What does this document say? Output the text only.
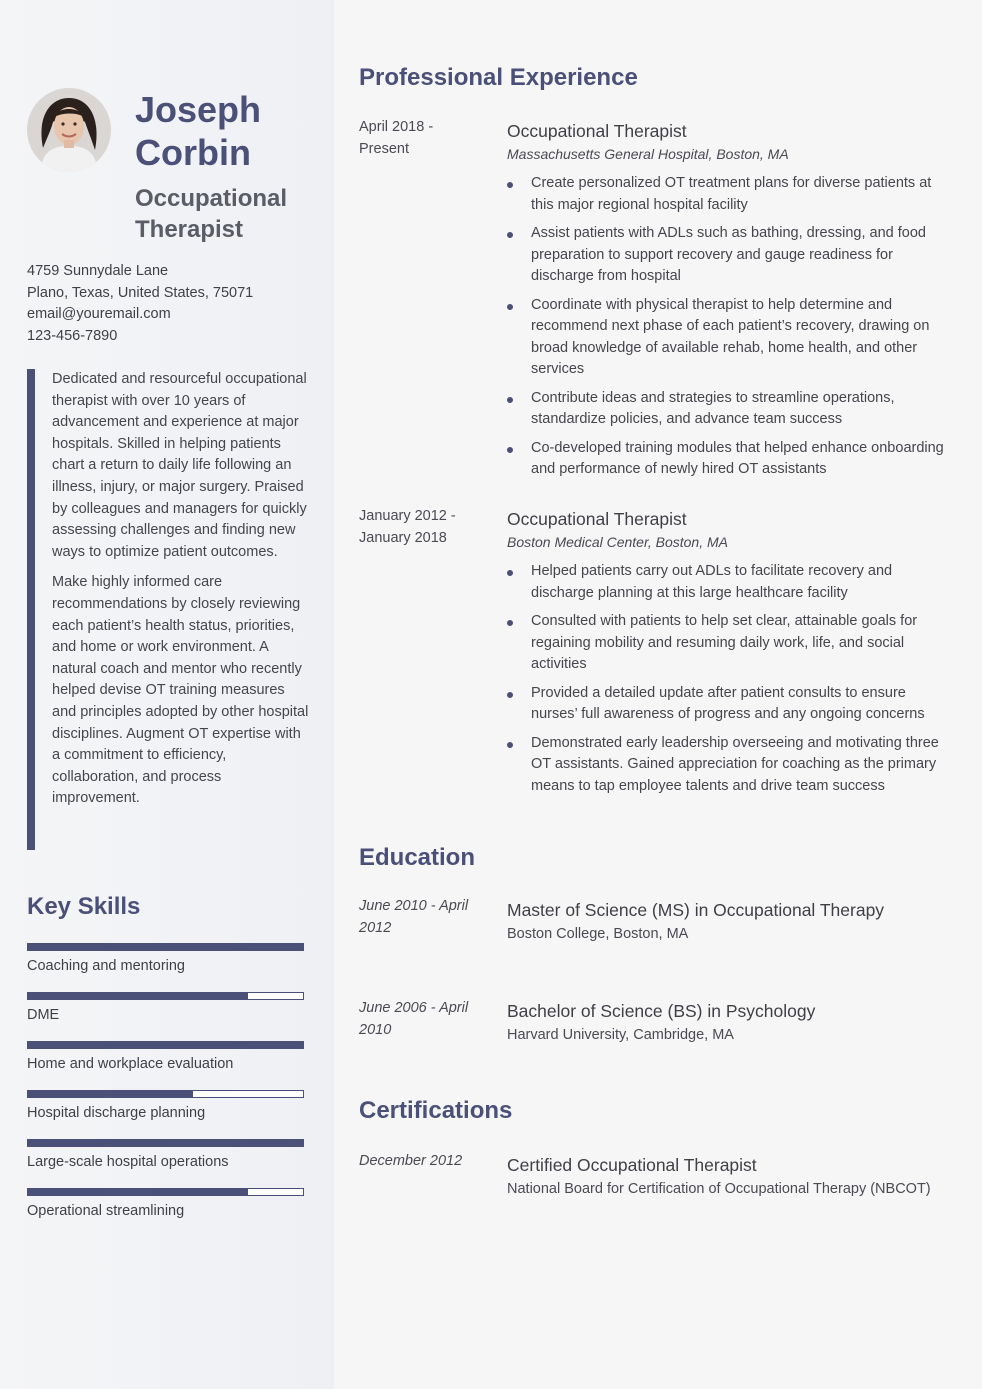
Joseph
Corbin
Occupational
Therapist
4759 Sunnydale Lane
Plano, Texas, United States, 75071
email@youremail.com
123-456-7890

Dedicated and resourceful occupational therapist with over 10 years of advancement and experience at major hospitals. Skilled in helping patients chart a return to daily life following an illness, injury, or major surgery. Praised by colleagues and managers for quickly assessing challenges and finding new ways to optimize patient outcomes.

Make highly informed care recommendations by closely reviewing each patient’s health status, priorities, and home or work environment. A natural coach and mentor who recently helped devise OT training measures and principles adopted by other hospital disciplines. Augment OT expertise with a commitment to efficiency, collaboration, and process improvement.

Key Skills
Coaching and mentoring
DME
Home and workplace evaluation
Hospital discharge planning
Large-scale hospital operations
Operational streamlining
Professional Experience
April 2018 -
Present
Occupational Therapist
Massachusetts General Hospital, Boston, MA
Create personalized OT treatment plans for diverse patients at this major regional hospital facility
Assist patients with ADLs such as bathing, dressing, and food preparation to support recovery and gauge readiness for discharge from hospital
Coordinate with physical therapist to help determine and recommend next phase of each patient’s recovery, drawing on broad knowledge of available rehab, home health, and other services
Contribute ideas and strategies to streamline operations, standardize policies, and advance team success
Co-developed training modules that helped enhance onboarding and performance of newly hired OT assistants
January 2012 -
January 2018
Occupational Therapist
Boston Medical Center, Boston, MA
Helped patients carry out ADLs to facilitate recovery and discharge planning at this large healthcare facility
Consulted with patients to help set clear, attainable goals for regaining mobility and resuming daily work, life, and social activities
Provided a detailed update after patient consults to ensure nurses’ full awareness of progress and any ongoing concerns
Demonstrated early leadership overseeing and motivating three OT assistants. Gained appreciation for coaching as the primary means to tap employee talents and drive team success
Education
June 2010 - April
2012
Master of Science (MS) in Occupational Therapy
Boston College, Boston, MA
June 2006 - April
2010
Bachelor of Science (BS) in Psychology
Harvard University, Cambridge, MA
Certifications
December 2012	Certified Occupational Therapist
National Board for Certification of Occupational Therapy (NBCOT)
